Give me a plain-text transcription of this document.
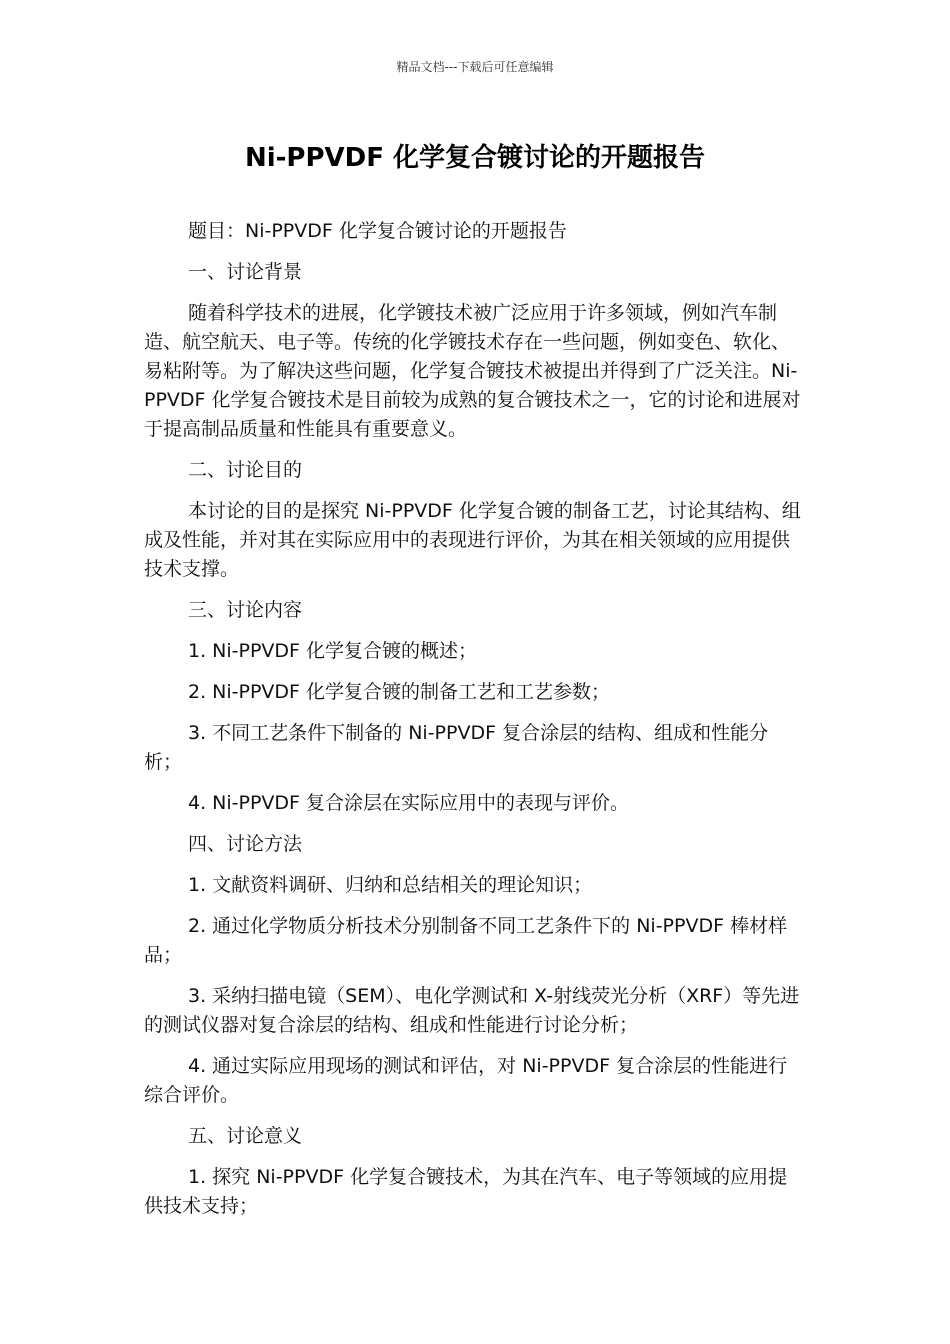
精品文档---下载后可任意编辑
Ni-PPVDF 化学复合镀讨论的开题报告

题目：Ni-PPVDF 化学复合镀讨论的开题报告

一、讨论背景

随着科学技术的进展，化学镀技术被广泛应用于许多领域，例如汽车制造、航空航天、电子等。传统的化学镀技术存在一些问题，例如变色、软化、易粘附等。为了解决这些问题，化学复合镀技术被提出并得到了广泛关注。Ni-PPVDF 化学复合镀技术是目前较为成熟的复合镀技术之一，它的讨论和进展对于提高制品质量和性能具有重要意义。

二、讨论目的

本讨论的目的是探究 Ni-PPVDF 化学复合镀的制备工艺，讨论其结构、组成及性能，并对其在实际应用中的表现进行评价，为其在相关领域的应用提供技术支撑。

三、讨论内容

1. Ni-PPVDF 化学复合镀的概述；

2. Ni-PPVDF 化学复合镀的制备工艺和工艺参数；

3. 不同工艺条件下制备的 Ni-PPVDF 复合涂层的结构、组成和性能分析；

4. Ni-PPVDF 复合涂层在实际应用中的表现与评价。

四、讨论方法

1. 文献资料调研、归纳和总结相关的理论知识；

2. 通过化学物质分析技术分别制备不同工艺条件下的 Ni-PPVDF 棒材样品；

3. 采纳扫描电镜（SEM）、电化学测试和 X-射线荧光分析（XRF）等先进的测试仪器对复合涂层的结构、组成和性能进行讨论分析；

4. 通过实际应用现场的测试和评估，对 Ni-PPVDF 复合涂层的性能进行综合评价。

五、讨论意义

1. 探究 Ni-PPVDF 化学复合镀技术，为其在汽车、电子等领域的应用提供技术支持；
